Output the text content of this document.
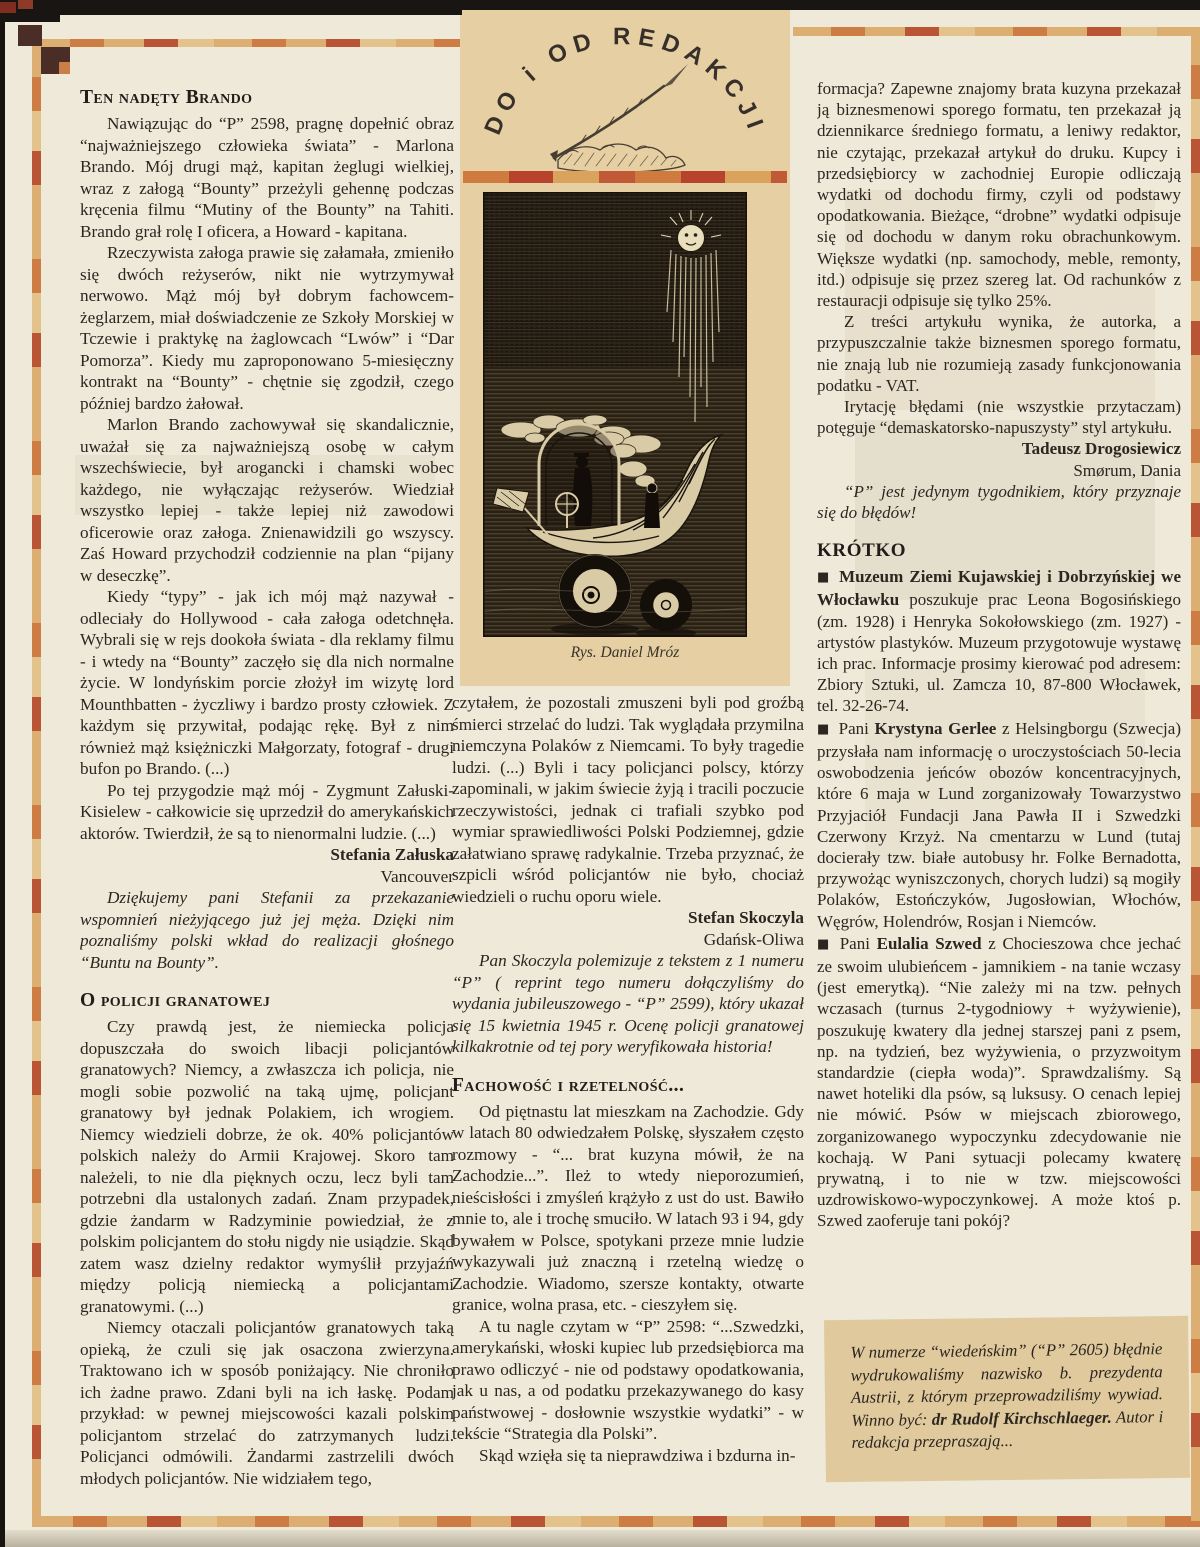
DO i OD REDAKCJI
Rys. Daniel Mróz
Ten nadęty Brando

Nawiązując do “P” 2598, pragnę dopełnić obraz “najważniejszego człowieka świata” - Marlona Brando. Mój drugi mąż, kapitan żeglugi wielkiej, wraz z załogą “Bounty” przeżyli gehennę podczas kręcenia filmu “Mutiny of the Bounty” na Tahiti. Brando grał rolę I oficera, a Howard - kapitana.

Rzeczywista załoga prawie się załamała, zmieniło się dwóch reżyserów, nikt nie wytrzymywał nerwowo. Mąż mój był dobrym fachowcem-żeglarzem, miał doświadczenie ze Szkoły Morskiej w Tczewie i praktykę na żaglowcach “Lwów” i “Dar Pomorza”. Kiedy mu zaproponowano 5-miesięczny kontrakt na “Bounty” - chętnie się zgodził, czego później bardzo żałował.

Marlon Brando zachowywał się skandalicznie, uważał się za najważniejszą osobę w całym wszechświecie, był arogancki i chamski wobec każdego, nie wyłączając reżyserów. Wiedział wszystko lepiej - także lepiej niż zawodowi oficerowie oraz załoga. Znienawidzili go wszyscy. Zaś Howard przychodził codziennie na plan “pijany w deseczkę”.

Kiedy “typy” - jak ich mój mąż nazywał - odleciały do Hollywood - cała załoga odetchnęła. Wybrali się w rejs dookoła świata - dla reklamy filmu - i wtedy na “Bounty” zaczęło się dla nich normalne życie. W londyńskim porcie złożył im wizytę lord Mounthbatten - życzliwy i bardzo prosty człowiek. Z każdym się przywitał, podając rękę. Był z nim również mąż księżniczki Małgorzaty, fotograf - drugi bufon po Brando. (...)

Po tej przygodzie mąż mój - Zygmunt Załuski-Kisielew - całkowicie się uprzedził do amerykańskich aktorów. Twierdził, że są to nienormalni ludzie. (...)

Stefania Załuska

Vancouver

Dziękujemy pani Stefanii za przekazanie wspomnień nieżyjącego już jej męża. Dzięki nim poznaliśmy polski wkład do realizacji głośnego “Buntu na Bounty”.

O policji granatowej

Czy prawdą jest, że niemiecka policja dopuszczała do swoich libacji policjantów granatowych? Niemcy, a zwłaszcza ich policja, nie mogli sobie pozwolić na taką ujmę, policjant granatowy był jednak Polakiem, ich wrogiem. Niemcy wiedzieli dobrze, że ok. 40% policjantów polskich należy do Armii Krajowej. Skoro tam należeli, to nie dla pięknych oczu, lecz byli tam potrzebni dla ustalonych zadań. Znam przypadek, gdzie żandarm w Radzyminie powiedział, że z polskim policjantem do stołu nigdy nie usiądzie. Skąd zatem wasz dzielny redaktor wymyślił przyjaźń między policją niemiecką a policjantami granatowymi. (...)

Niemcy otaczali policjantów granatowych taką opieką, że czuli się jak osaczona zwierzyna. Traktowano ich w sposób poniżający. Nie chroniło ich żadne prawo. Zdani byli na ich łaskę. Podam przykład: w pewnej miejscowości kazali polskim policjantom strzelać do zatrzymanych ludzi. Policjanci odmówili. Żandarmi zastrzelili dwóch młodych policjantów. Nie widziałem tego,

czytałem, że pozostali zmuszeni byli pod groźbą śmierci strzelać do ludzi. Tak wyglądała przymilna niemczyna Polaków z Niemcami. To były tragedie ludzi. (...) Byli i tacy policjanci polscy, którzy zapominali, w jakim świecie żyją i tracili poczucie rzeczywistości, jednak ci trafiali szybko pod wymiar sprawiedliwości Polski Podziemnej, gdzie załatwiano sprawę radykalnie. Trzeba przyznać, że szpicli wśród policjantów nie było, chociaż wiedzieli o ruchu oporu wiele.

Stefan Skoczyla

Gdańsk-Oliwa

Pan Skoczyla polemizuje z tekstem z 1 numeru “P” ( reprint tego numeru dołączyliśmy do wydania jubileuszowego - “P” 2599), który ukazał się 15 kwietnia 1945 r. Ocenę policji granatowej kilkakrotnie od tej pory weryfikowała historia!

Fachowość i rzetelność...

Od piętnastu lat mieszkam na Zachodzie. Gdy w latach 80 odwiedzałem Polskę, słyszałem często rozmowy - “... brat kuzyna mówił, że na Zachodzie...”. Ileż to wtedy nieporozumień, nieścisłości i zmyśleń krążyło z ust do ust. Bawiło mnie to, ale i trochę smuciło. W latach 93 i 94, gdy bywałem w Polsce, spotykani przeze mnie ludzie wykazywali już znaczną i rzetelną wiedzę o Zachodzie. Wiadomo, szersze kontakty, otwarte granice, wolna prasa, etc. - cieszyłem się.

A tu nagle czytam w “P” 2598: “...Szwedzki, amerykański, włoski kupiec lub przedsiębiorca ma prawo odliczyć - nie od podstawy opodatkowania, jak u nas, a od podatku przekazywanego do kasy państwowej - dosłownie wszystkie wydatki” - w tekście “Strategia dla Polski”.

Skąd wzięła się ta nieprawdziwa i bzdurna in-

formacja? Zapewne znajomy brata kuzyna przekazał ją biznesmenowi sporego formatu, ten przekazał ją dziennikarce średniego formatu, a leniwy redaktor, nie czytając, przekazał artykuł do druku. Kupcy i przedsiębiorcy w zachodniej Europie odliczają wydatki od dochodu firmy, czyli od podstawy opodatkowania. Bieżące, “drobne” wydatki odpisuje się od dochodu w danym roku obrachunkowym. Większe wydatki (np. samochody, meble, remonty, itd.) odpisuje się przez szereg lat. Od rachunków z restauracji odpisuje się tylko 25%.

Z treści artykułu wynika, że autorka, a przypuszczalnie także biznesmen sporego formatu, nie znają lub nie rozumieją zasady funkcjonowania podatku - VAT.

Irytację błędami (nie wszystkie przytaczam) potęguje “demaskatorsko-napuszysty” styl artykułu.

Tadeusz Drogosiewicz

Smørum, Dania

“P” jest jedynym tygodnikiem, który przyznaje się do błędów!

KRÓTKO

■ Muzeum Ziemi Kujawskiej i Dobrzyńskiej we Włocławku poszukuje prac Leona Bogosińskiego (zm. 1928) i Henryka Sokołowskiego (zm. 1927) - artystów plastyków. Muzeum przygotowuje wystawę ich prac. Informacje prosimy kierować pod adresem: Zbiory Sztuki, ul. Zamcza 10, 87-800 Włocławek, tel. 32-26-74.

■ Pani Krystyna Gerlee z Helsingborgu (Szwecja) przysłała nam informację o uroczystościach 50-lecia oswobodzenia jeńców obozów koncentracyjnych, które 6 maja w Lund zorganizowały Towarzystwo Przyjaciół Fundacji Jana Pawła II i Szwedzki Czerwony Krzyż. Na cmentarzu w Lund (tutaj docierały tzw. białe autobusy hr. Folke Bernadotta, przywożąc wyniszczonych, chorych ludzi) są mogiły Polaków, Estończyków, Jugosłowian, Włochów, Węgrów, Holendrów, Rosjan i Niemców.

■ Pani Eulalia Szwed z Chocieszowa chce jechać ze swoim ulubieńcem - jamnikiem - na tanie wczasy (jest emerytką). “Nie zależy mi na tzw. pełnych wczasach (turnus 2-tygodniowy + wyżywienie), poszukuję kwatery dla jednej starszej pani z psem, np. na tydzień, bez wyżywienia, o przyzwoitym standardzie (ciepła woda)”. Sprawdzaliśmy. Są nawet hoteliki dla psów, są luksusy. O cenach lepiej nie mówić. Psów w miejscach zbiorowego, zorganizowanego wypoczynku zdecydowanie nie kochają. W Pani sytuacji polecamy kwaterę prywatną, i to nie w tzw. miejscowości uzdrowiskowo-wypoczynkowej. A może ktoś p. Szwed zaoferuje tani pokój?

W numerze “wiedeńskim” (“P” 2605) błędnie wydrukowaliśmy nazwisko b. prezydenta Austrii, z którym przeprowadziliśmy wywiad. Winno być: dr Rudolf Kirchschlaeger. Autor i redakcja przepraszają...
